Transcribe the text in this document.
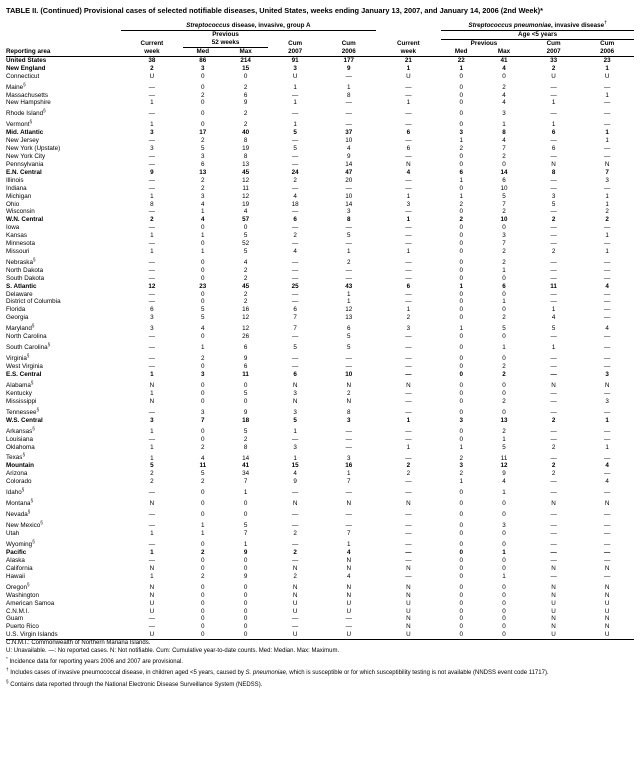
TABLE II. (Continued) Provisional cases of selected notifiable diseases, United States, weeks ending January 13, 2007, and January 14, 2006 (2nd Week)*
	Streptococcus disease, invasive, group A						Streptococcus pneumoniae, invasive disease†
		Previous					Age <5 years			
	Current	52 weeks		Cum	Cum	Current	Previous		Cum	Cum
Reporting area	week	Med	Max	2007	2006	week	Med	Max	2007	2006
United States	38	86	214	91	177	21	22	41	33	23
New England	2	3	15	3	9	1	1	4	2	1
Connecticut	U	0	0	U	—	U	0	0	U	U
Maine§	—	0	2	1	1	—	0	2	—	—
Massachusetts	—	2	6	—	8	—	0	4	—	1
New Hampshire	1	0	9	1	—	1	0	4	1	—
Rhode Island§	—	0	2	—	—	—	0	3	—	—
Vermont§	1	0	2	1	—	—	0	1	1	—
Mid. Atlantic	3	17	40	5	37	6	3	8	6	1
New Jersey	—	2	8	—	10	—	1	4	—	1
New York (Upstate)	3	5	19	5	4	6	2	7	6	—
New York City	—	3	8	—	9	—	0	2	—	—
Pennsylvania	—	6	13	—	14	N	0	0	N	N
E.N. Central	9	13	45	24	47	4	6	14	8	7
Illinois	—	2	12	2	20	—	1	6	—	3
Indiana	—	2	11	—	—	—	0	10	—	—
Michigan	1	3	12	4	10	1	1	5	3	1
Ohio	8	4	19	18	14	3	2	7	5	1
Wisconsin	—	1	4	—	3	—	0	2	—	2
W.N. Central	2	4	57	6	8	1	2	10	2	2
Iowa	—	0	0	—	—	—	0	0	—	—
Kansas	1	1	5	2	5	—	0	3	—	1
Minnesota	—	0	52	—	—	—	0	7	—	—
Missouri	1	1	5	4	1	1	0	2	2	1
Nebraska§	—	0	4	—	2	—	0	2	—	—
North Dakota	—	0	2	—	—	—	0	1	—	—
South Dakota	—	0	2	—	—	—	0	0	—	—
S. Atlantic	12	23	45	25	43	6	1	6	11	4
Delaware	—	0	2	—	1	—	0	0	—	—
District of Columbia	—	0	2	—	1	—	0	1	—	—
Florida	6	5	16	6	12	1	0	0	1	—
Georgia	3	5	12	7	13	2	0	2	4	—
Maryland§	3	4	12	7	6	3	1	5	5	4
North Carolina	—	0	26	—	5	—	0	0	—	—
South Carolina§	—	1	6	5	5	—	0	1	1	—
Virginia§	—	2	9	—	—	—	0	0	—	—
West Virginia	—	0	6	—	—	—	0	2	—	—
E.S. Central	1	3	11	6	10	—	0	2	—	3
Alabama§	N	0	0	N	N	N	0	0	N	N
Kentucky	1	0	5	3	2	—	0	0	—	—
Mississippi	N	0	0	N	N	—	0	2	—	3
Tennessee§	—	3	9	3	8	—	0	0	—	—
W.S. Central	3	7	18	5	3	1	3	13	2	1
Arkansas§	1	0	5	1	—	—	0	2	—	—
Louisiana	—	0	2	—	—	—	0	1	—	—
Oklahoma	1	2	8	3	—	1	1	5	2	1
Texas§	1	4	14	1	3	—	2	11	—	—
Mountain	5	11	41	15	16	2	3	12	2	4
Arizona	2	5	34	4	1	2	2	9	2	—
Colorado	2	2	7	9	7	—	1	4	—	4
Idaho§	—	0	1	—	—	—	0	1	—	—
Montana§	N	0	0	N	N	N	0	0	N	N
Nevada§	—	0	0	—	—	—	0	0	—	—
New Mexico§	—	1	5	—	—	—	0	3	—	—
Utah	1	1	7	2	7	—	0	0	—	—
Wyoming§	—	0	1	—	1	—	0	0	—	—
Pacific	1	2	9	2	4	—	0	1	—	—
Alaska	—	0	0	—	N	—	0	0	—	—
California	N	0	0	N	N	N	0	0	N	N
Hawaii	1	2	9	2	4	—	0	1	—	—
Oregon§	N	0	0	N	N	N	0	0	N	N
Washington	N	0	0	N	N	N	0	0	N	N
American Samoa	U	0	0	U	U	U	0	0	U	U
C.N.M.I.	U	0	0	U	U	U	0	0	U	U
Guam	—	0	0	—	—	N	0	0	N	N
Puerto Rico	—	0	0	—	—	N	0	0	N	N
U.S. Virgin Islands	U	0	0	U	U	U	0	0	U	U
C.N.M.I.: Commonwealth of Northern Mariana Islands.
U: Unavailable. —: No reported cases. N: Not notifiable. Cum: Cumulative year-to-date counts. Med: Median. Max: Maximum.
* Incidence data for reporting years 2006 and 2007 are provisional.
† Includes cases of invasive pneumococcal disease, in children aged <5 years, caused by S. pneumoniae, which is susceptible or for which susceptibility testing is not available (NNDSS event code 11717).
§ Contains data reported through the National Electronic Disease Surveillance System (NEDSS).
